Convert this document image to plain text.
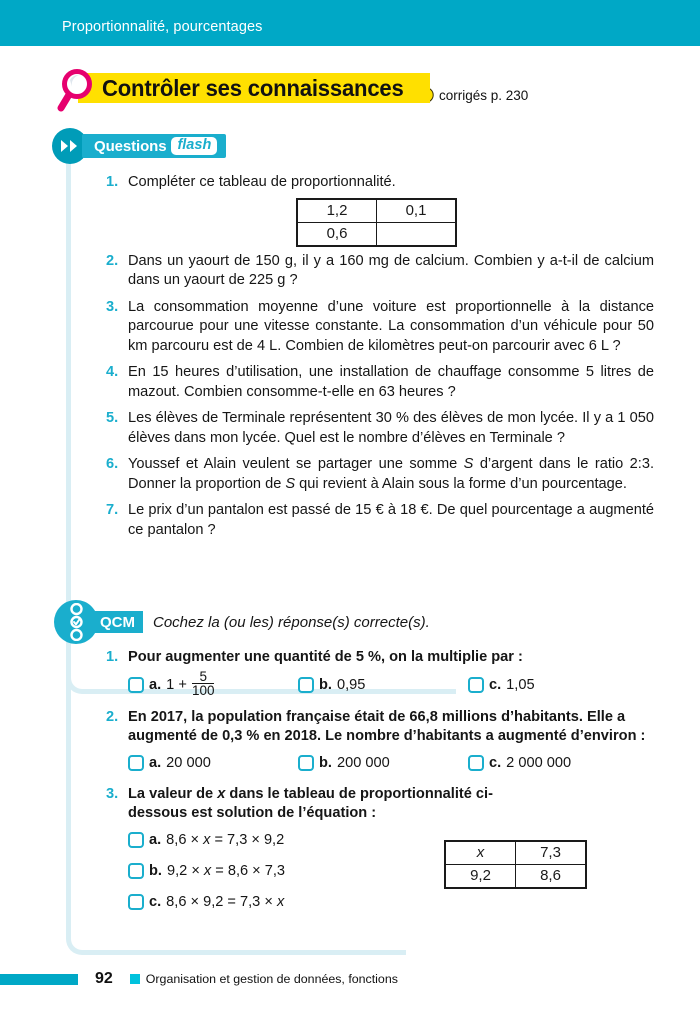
Proportionnalité, pourcentages
Contrôler ses connaissances	corrigés p. 230
Questions flash
1. Compléter ce tableau de proportionnalité.
2. Dans un yaourt de 150 g, il y a 160 mg de calcium. Combien y a-t-il de calcium dans un yaourt de 225 g ?
3. La consommation moyenne d’une voiture est proportionnelle à la distance parcourue pour une vitesse constante. La consommation d’un véhicule pour 50 km parcouru est de 4 L. Combien de kilomètres peut-on parcourir avec 6 L ?
4. En 15 heures d’utilisation, une installation de chauffage consomme 5 litres de mazout. Combien consomme-t-elle en 63 heures ?
5. Les élèves de Terminale représentent 30 % des élèves de mon lycée. Il y a 1 050 élèves dans mon lycée. Quel est le nombre d’élèves en Terminale ?
6. Youssef et Alain veulent se partager une somme S d’argent dans le ratio 2:3. Donner la proportion de S qui revient à Alain sous la forme d’un pourcentage.
7. Le prix d’un pantalon est passé de 15 € à 18 €. De quel pourcentage a augmenté ce pantalon ?
1,2	0,1
0,6	
QCM	Cochez la (ou les) réponse(s) correcte(s).
1. Pour augmenter une quantité de 5 %, on la multiplie par :
a. $1 + \frac{5}{100}$	b. 0,95	c. 1,05
2. En 2017, la population française était de 66,8 millions d’habitants. Elle a augmenté de 0,3 % en 2018. Le nombre d’habitants a augmenté d’environ :
a. 20 000	b. 200 000	c. 2 000 000
3. La valeur de x dans le tableau de proportionnalité ci-dessous est solution de l’équation :
a. 8,6 × x = 7,3 × 9,2
b. 9,2 × x = 8,6 × 7,3
c. 8,6 × 9,2 = 7,3 × x
x	7,3
9,2	8,6
92	Organisation et gestion de données, fonctions
